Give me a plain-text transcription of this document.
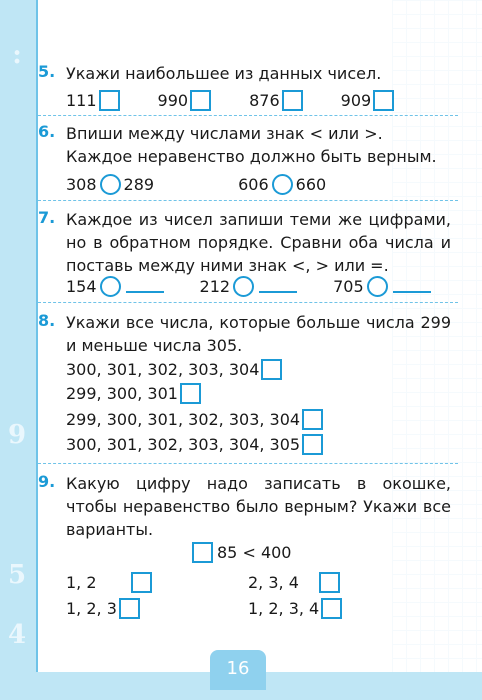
:
9
5
4
5. Укажи наибольшее из данных чисел.
111	990	876	909
6. Впиши между числами знак < или >.
Каждое неравенство должно быть верным.
308 289	606 660
7. Каждое из чисел запиши теми же цифрами, но в обратном порядке. Сравни оба числа и поставь между ними знак <, > или =.
154	212	705
8. Укажи все числа, которые больше числа 299 и меньше числа 305.
300, 301, 302, 303, 304
299, 300, 301
299, 300, 301, 302, 303, 304
300, 301, 302, 303, 304, 305
9. Какую цифру надо записать в окошке, чтобы неравенство было верным? Укажи все варианты.
85 < 400
1, 2	2, 3, 4
1, 2, 3	1, 2, 3, 4
16
